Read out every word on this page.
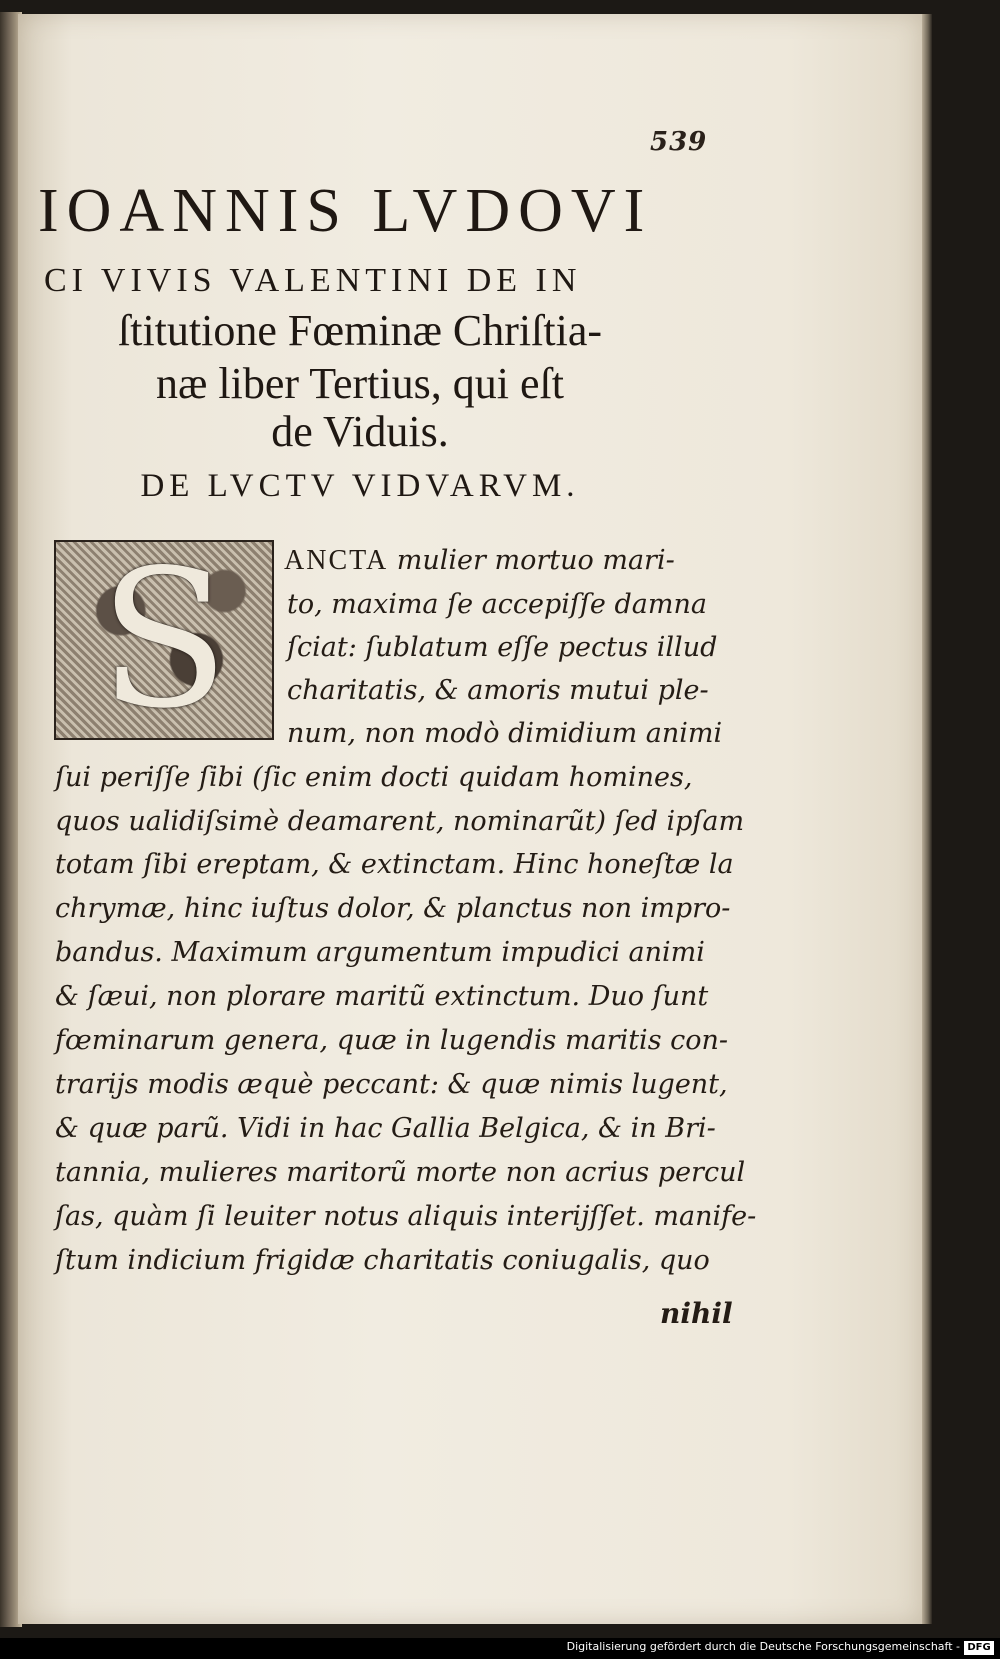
539
IOANNIS LVDOVI
CI VIVIS VALENTINI DE IN
ſtitutione Fœminæ Chriſtia-
næ liber Tertius, qui eſt
de Viduis.
DE LVCTV VIDVARVM.
S	ANCTA mulier mortuo mari-
to, maxima ſe accepiſſe damna
ſciat: ſublatum eſſe pectus illud
charitatis, & amoris mutui ple-
num, non modò dimidium animi
ſui periſſe ſibi (ſic enim docti quidam homines,
quos ualidiſsimè deamarent, nominarũt) ſed ipſam
totam ſibi ereptam, & extinctam. Hinc honeſtæ la
chrymæ, hinc iuſtus dolor, & planctus non impro-
bandus. Maximum argumentum impudici animi
& ſæui, non plorare maritũ extinctum. Duo ſunt
fœminarum genera, quæ in lugendis maritis con-
trarijs modis æquè peccant: & quæ nimis lugent,
& quæ parũ. Vidi in hac Gallia Belgica, & in Bri-
tannia, mulieres maritorũ morte non acrius percul
ſas, quàm ſi leuiter notus aliquis interijſſet. manife-
ſtum indicium frigidæ charitatis coniugalis, quo
nihil
Digitalisierung gefördert durch die Deutsche Forschungsgemeinschaft - DFG
